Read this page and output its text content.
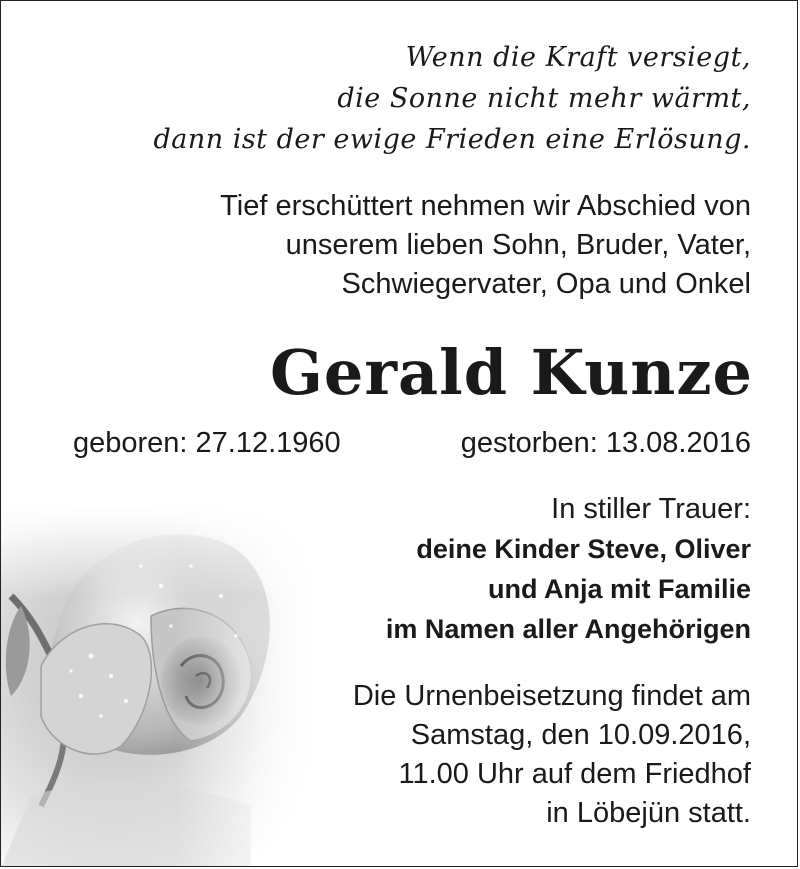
Wenn die Kraft versiegt,
die Sonne nicht mehr wärmt,
dann ist der ewige Frieden eine Erlösung.
Tief erschüttert nehmen wir Abschied von
unserem lieben Sohn, Bruder, Vater,
Schwiegervater, Opa und Onkel
Gerald Kunze
geboren: 27.12.1960	gestorben: 13.08.2016
In stiller Trauer:
deine Kinder Steve, Oliver
und Anja mit Familie
im Namen aller Angehörigen
Die Urnenbeisetzung findet am
Samstag, den 10.09.2016,
11.00 Uhr auf dem Friedhof
in Löbejün statt.
